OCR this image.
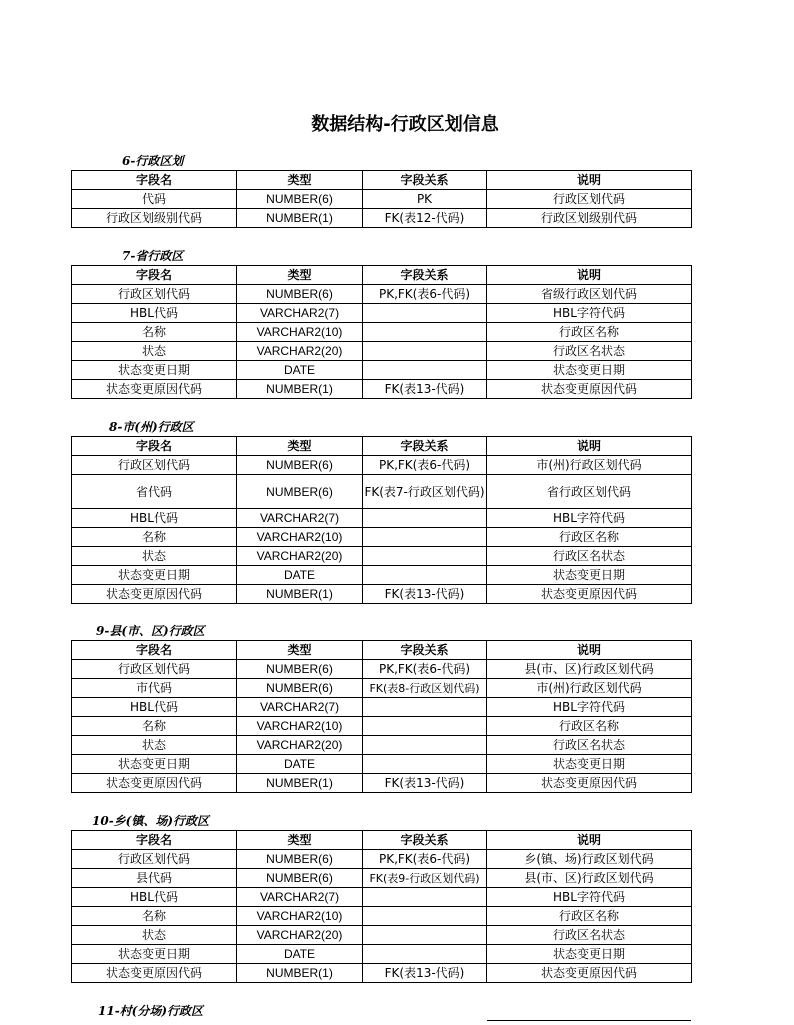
数据结构-行政区划信息
6-行政区划
字段名	类型	字段关系	说明
代码	NUMBER(6)	PK	行政区划代码
行政区划级别代码	NUMBER(1)	FK(表12-代码)	行政区划级别代码
7-省行政区
字段名	类型	字段关系	说明
行政区划代码	NUMBER(6)	PK,FK(表6-代码)	省级行政区划代码
HBL代码	VARCHAR2(7)		HBL字符代码
名称	VARCHAR2(10)		行政区名称
状态	VARCHAR2(20)		行政区名状态
状态变更日期	DATE		状态变更日期
状态变更原因代码	NUMBER(1)	FK(表13-代码)	状态变更原因代码
8-市(州)行政区
字段名	类型	字段关系	说明
行政区划代码	NUMBER(6)	PK,FK(表6-代码)	市(州)行政区划代码
省代码	NUMBER(6)	FK(表7-行政区划代码)	省行政区划代码
HBL代码	VARCHAR2(7)		HBL字符代码
名称	VARCHAR2(10)		行政区名称
状态	VARCHAR2(20)		行政区名状态
状态变更日期	DATE		状态变更日期
状态变更原因代码	NUMBER(1)	FK(表13-代码)	状态变更原因代码
9-县(市、区)行政区
字段名	类型	字段关系	说明
行政区划代码	NUMBER(6)	PK,FK(表6-代码)	县(市、区)行政区划代码
市代码	NUMBER(6)	FK(表8-行政区划代码)	市(州)行政区划代码
HBL代码	VARCHAR2(7)		HBL字符代码
名称	VARCHAR2(10)		行政区名称
状态	VARCHAR2(20)		行政区名状态
状态变更日期	DATE		状态变更日期
状态变更原因代码	NUMBER(1)	FK(表13-代码)	状态变更原因代码
10-乡(镇、场)行政区
字段名	类型	字段关系	说明
行政区划代码	NUMBER(6)	PK,FK(表6-代码)	乡(镇、场)行政区划代码
县代码	NUMBER(6)	FK(表9-行政区划代码)	县(市、区)行政区划代码
HBL代码	VARCHAR2(7)		HBL字符代码
名称	VARCHAR2(10)		行政区名称
状态	VARCHAR2(20)		行政区名状态
状态变更日期	DATE		状态变更日期
状态变更原因代码	NUMBER(1)	FK(表13-代码)	状态变更原因代码
11-村(分场)行政区
